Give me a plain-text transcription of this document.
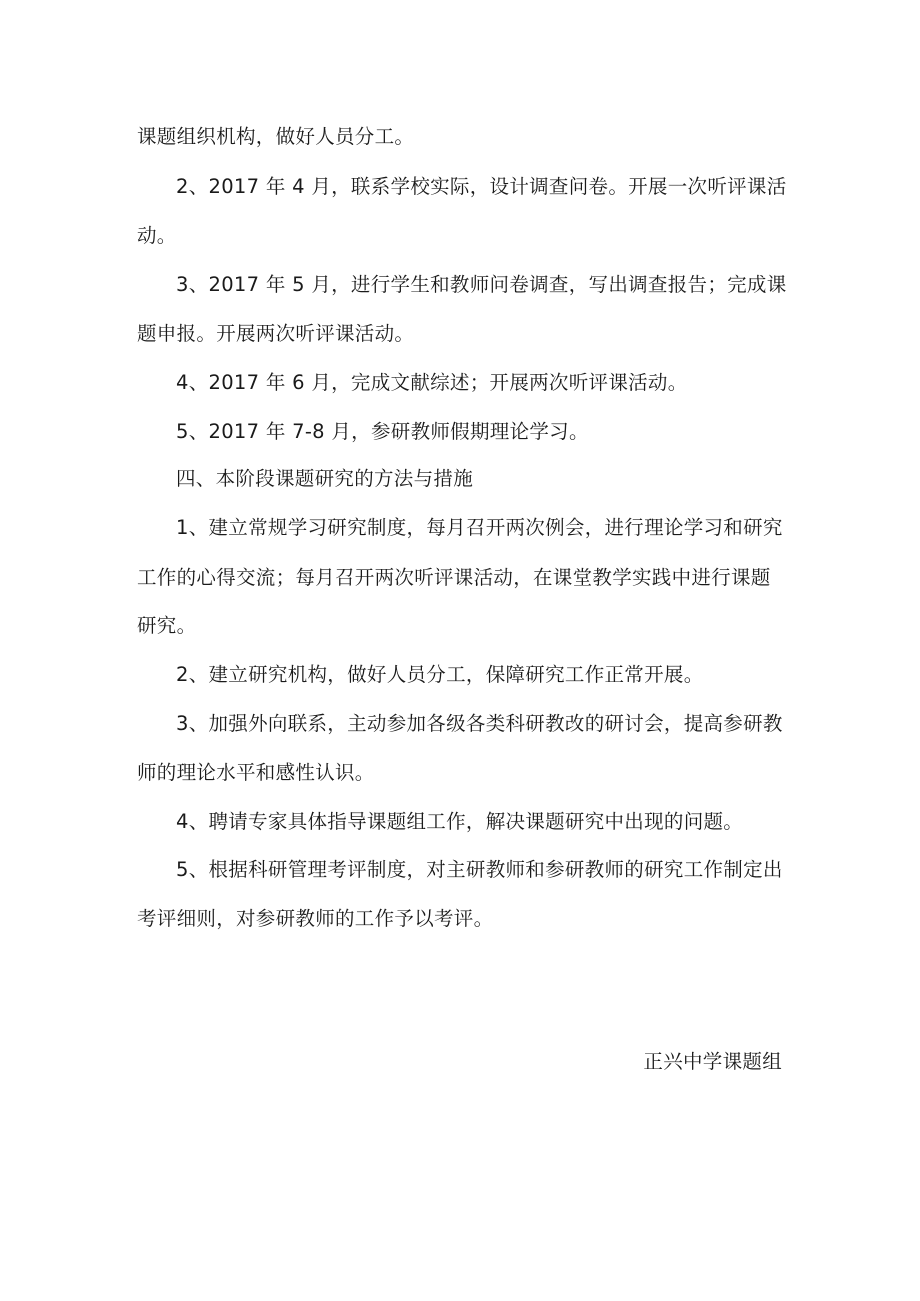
课题组织机构，做好人员分工。
2、2017 年 4 月，联系学校实际，设计调查问卷。开展一次听评课活
动。
3、2017 年 5 月，进行学生和教师问卷调查，写出调查报告；完成课
题申报。开展两次听评课活动。
4、2017 年 6 月，完成文献综述；开展两次听评课活动。
5、2017 年 7-8 月，参研教师假期理论学习。
四、本阶段课题研究的方法与措施
1、建立常规学习研究制度，每月召开两次例会，进行理论学习和研究
工作的心得交流；每月召开两次听评课活动，在课堂教学实践中进行课题
研究。
2、建立研究机构，做好人员分工，保障研究工作正常开展。
3、加强外向联系，主动参加各级各类科研教改的研讨会，提高参研教
师的理论水平和感性认识。
4、聘请专家具体指导课题组工作，解决课题研究中出现的问题。
5、根据科研管理考评制度，对主研教师和参研教师的研究工作制定出
考评细则，对参研教师的工作予以考评。
正兴中学课题组
